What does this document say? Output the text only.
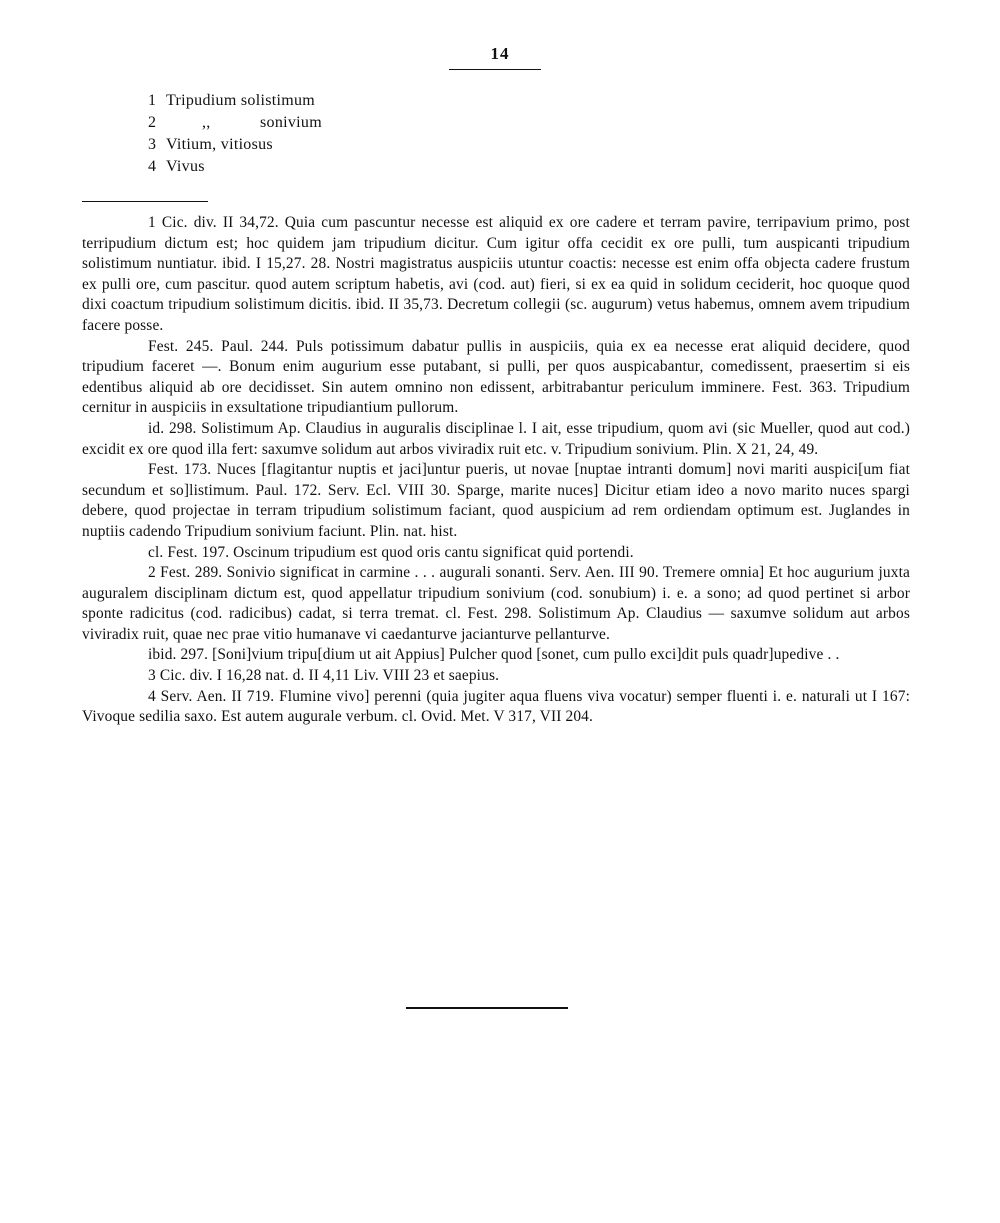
14
1 Tripudium solistimum
2	,,	sonivium
3 Vitium, vitiosus
4 Vivus

1 Cic. div. II 34,72. Quia cum pascuntur necesse est aliquid ex ore cadere et terram pavire, terripavium primo, post terripudium dictum est; hoc quidem jam tripudium dicitur. Cum igitur offa cecidit ex ore pulli, tum auspicanti tripudium solistimum nuntiatur. ibid. I 15,27. 28. Nostri magistratus auspiciis utuntur coactis: necesse est enim offa objecta cadere frustum ex pulli ore, cum pascitur. quod autem scriptum habetis, avi (cod. aut) fieri, si ex ea quid in solidum ceciderit, hoc quoque quod dixi coactum tripudium solistimum dicitis. ibid. II 35,73. Decretum collegii (sc. augurum) vetus habemus, omnem avem tripudium facere posse.

Fest. 245. Paul. 244. Puls potissimum dabatur pullis in auspiciis, quia ex ea necesse erat aliquid decidere, quod tripudium faceret —. Bonum enim augurium esse putabant, si pulli, per quos auspicabantur, comedissent, praesertim si eis edentibus aliquid ab ore decidisset. Sin autem omnino non edissent, arbitrabantur periculum imminere. Fest. 363. Tripudium cernitur in auspiciis in exsultatione tripudiantium pullorum.

id. 298. Solistimum Ap. Claudius in auguralis disciplinae l. I ait, esse tripudium, quom avi (sic Mueller, quod aut cod.) excidit ex ore quod illa fert: saxumve solidum aut arbos viviradix ruit etc. v. Tripudium sonivium. Plin. X 21, 24, 49.

Fest. 173. Nuces [flagitantur nuptis et jaci]untur pueris, ut novae [nuptae intranti domum] novi mariti auspici[um fiat secundum et so]listimum. Paul. 172. Serv. Ecl. VIII 30. Sparge, marite nuces] Dicitur etiam ideo a novo marito nuces spargi debere, quod projectae in terram tripudium solistimum faciant, quod auspicium ad rem ordiendam optimum est. Juglandes in nuptiis cadendo Tripudium sonivium faciunt. Plin. nat. hist.

cl. Fest. 197. Oscinum tripudium est quod oris cantu significat quid portendi.

2 Fest. 289. Sonivio significat in carmine . . . augurali sonanti. Serv. Aen. III 90. Tremere omnia] Et hoc augurium juxta auguralem disciplinam dictum est, quod appellatur tripudium sonivium (cod. sonubium) i. e. a sono; ad quod pertinet si arbor sponte radicitus (cod. radicibus) cadat, si terra tremat. cl. Fest. 298. Solistimum Ap. Claudius — saxumve solidum aut arbos viviradix ruit, quae nec prae vitio humanave vi caedanturve jacianturve pellanturve.

ibid. 297. [Soni]vium tripu[dium ut ait Appius] Pulcher quod [sonet, cum pullo exci]dit puls quadr]upedive . .

3 Cic. div. I 16,28 nat. d. II 4,11 Liv. VIII 23 et saepius.

4 Serv. Aen. II 719. Flumine vivo] perenni (quia jugiter aqua fluens viva vocatur) semper fluenti i. e. naturali ut I 167: Vivoque sedilia saxo. Est autem augurale verbum. cl. Ovid. Met. V 317, VII 204.
